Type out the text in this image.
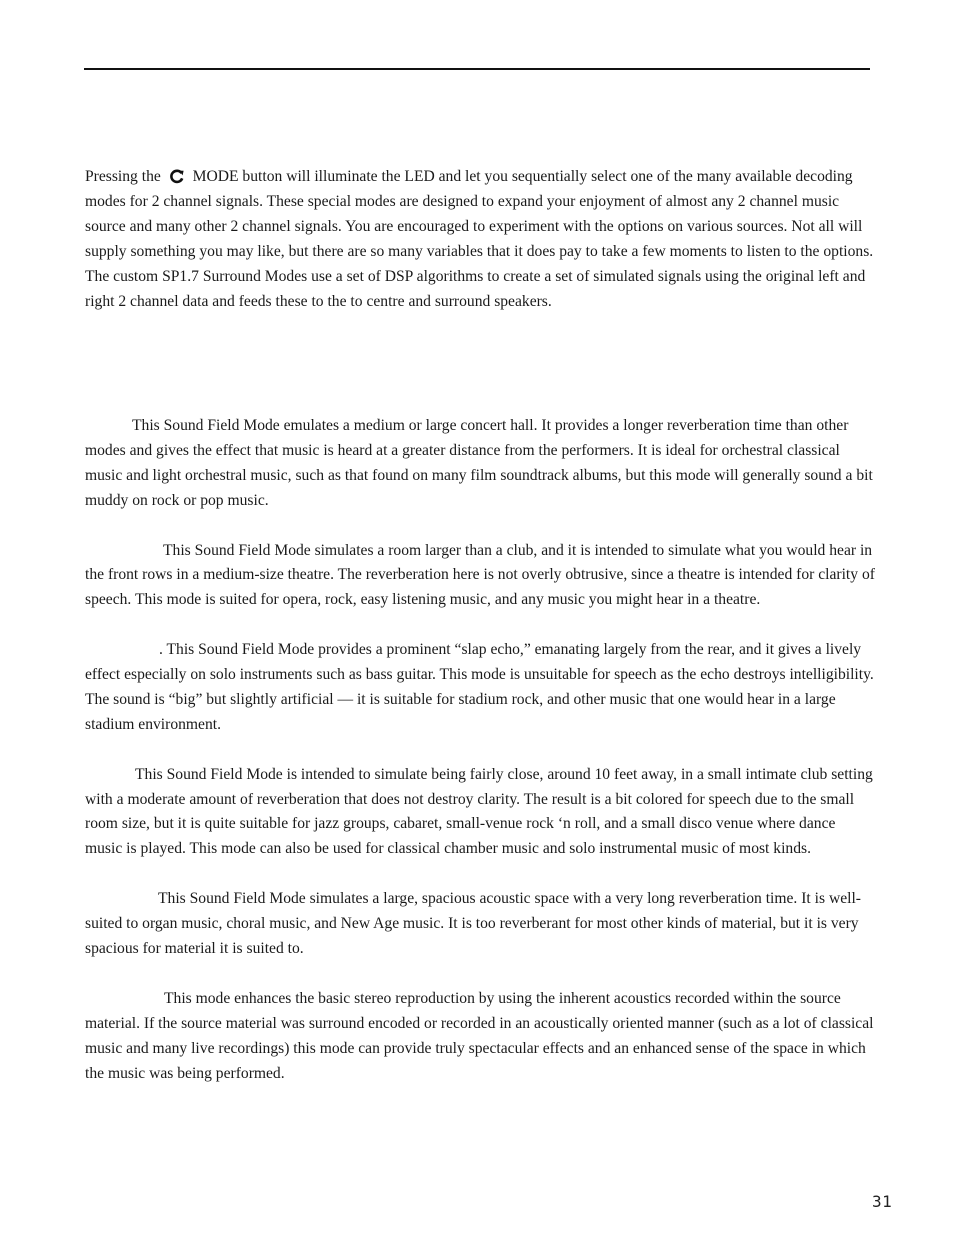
Pressing the MODE button will illuminate the LED and let you sequentially select one of the many available decoding modes for 2 channel signals. These special modes are designed to expand your enjoyment of almost any 2 channel music source and many other 2 channel signals. You are encouraged to experiment with the options on various sources. Not all will supply something you may like, but there are so many variables that it does pay to take a few moments to listen to the options. The custom SP1.7 Surround Modes use a set of DSP algorithms to create a set of simulated signals using the original left and right 2 channel data and feeds these to the to centre and surround speakers.

This Sound Field Mode emulates a medium or large concert hall. It provides a longer reverberation time than other modes and gives the effect that music is heard at a greater distance from the performers. It is ideal for orchestral classical music and light orchestral music, such as that found on many film soundtrack albums, but this mode will generally sound a bit muddy on rock or pop music.

This Sound Field Mode simulates a room larger than a club, and it is intended to simulate what you would hear in the front rows in a medium-size theatre. The reverberation here is not overly obtrusive, since a theatre is intended for clarity of speech. This mode is suited for opera, rock, easy listening music, and any music you might hear in a theatre.

. This Sound Field Mode provides a prominent “slap echo,” emanating largely from the rear, and it gives a lively effect especially on solo instruments such as bass guitar. This mode is unsuitable for speech as the echo destroys intelligibility. The sound is “big” but slightly artificial — it is suitable for stadium rock, and other music that one would hear in a large stadium environment.

This Sound Field Mode is intended to simulate being fairly close, around 10 feet away, in a small intimate club setting with a moderate amount of reverberation that does not destroy clarity. The result is a bit colored for speech due to the small room size, but it is quite suitable for jazz groups, cabaret, small-venue rock ‘n roll, and a small disco venue where dance music is played. This mode can also be used for classical chamber music and solo instrumental music of most kinds.

This Sound Field Mode simulates a large, spacious acoustic space with a very long reverberation time. It is well-suited to organ music, choral music, and New Age music. It is too reverberant for most other kinds of material, but it is very spacious for material it is suited to.

This mode enhances the basic stereo reproduction by using the inherent acoustics recorded within the source material. If the source material was surround encoded or recorded in an acoustically oriented manner (such as a lot of classical music and many live recordings) this mode can provide truly spectacular effects and an enhanced sense of the space in which the music was being performed.

31
